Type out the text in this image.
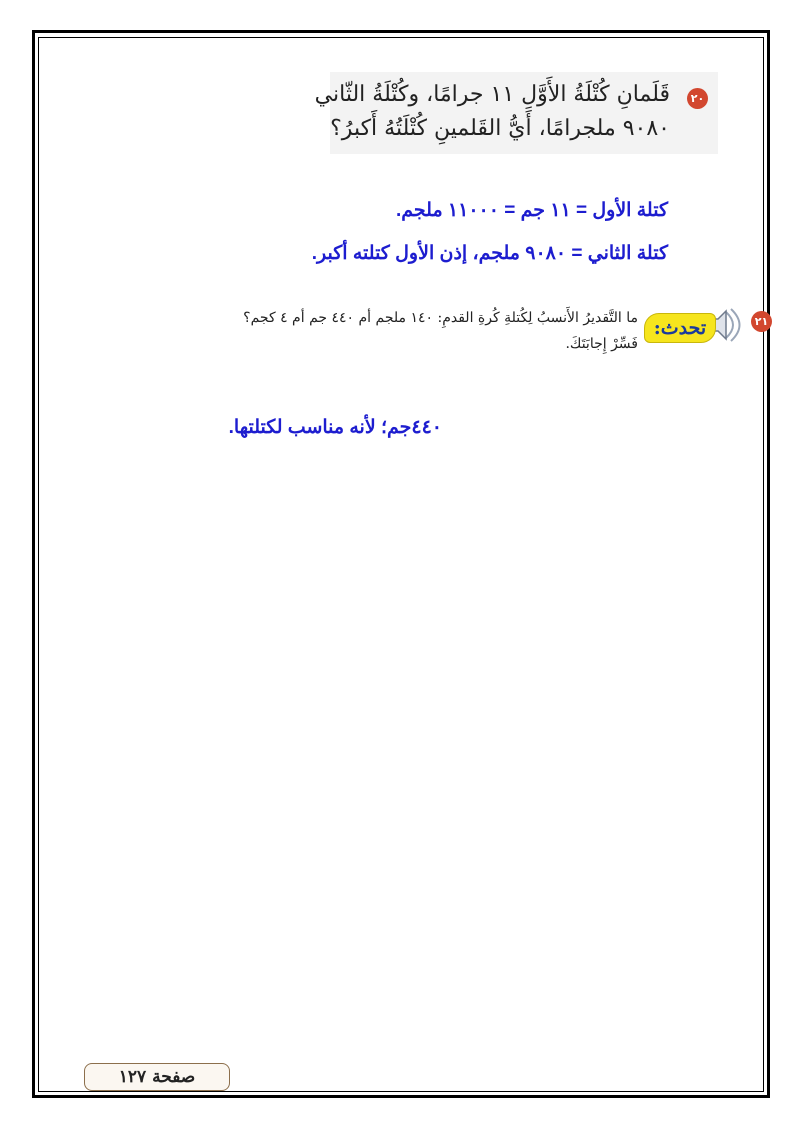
٢٠
قَلَمانِ كُتْلَةُ الأَوَّلِ ١١ جرامًا، وكُتْلَةُ الثّاني
٩٠٨٠ ملجرامًا، أَيُّ القَلمينِ كُتْلَتُهُ أَكبرُ؟
كتلة الأول = ١١ جم = ١١٠٠٠ ملجم.
كتلة الثاني = ٩٠٨٠ ملجم، إذن الأول كتلته أكبر.
٢١
تحدث:
ما التَّقديرُ الأَنسبُ لِكُتلةِ كُرةِ القدمِ: ١٤٠ ملجم أم ٤٤٠ جم أم ٤ كجم؟
فَسِّرْ إِجابَتَكَ.
٤٤٠جم؛ لأنه مناسب لكتلتها.
صفحة ١٢٧
